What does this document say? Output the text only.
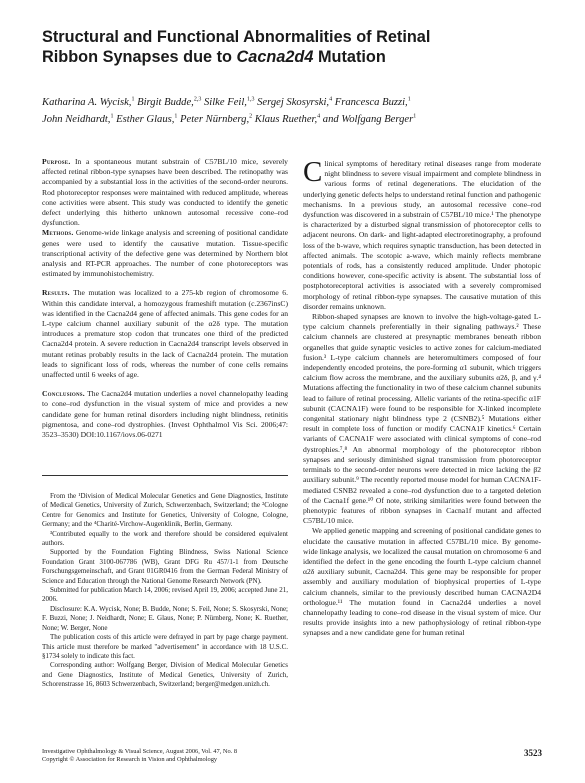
Structural and Functional Abnormalities of Retinal
Ribbon Synapses due to Cacna2d4 Mutation
Katharina A. Wycisk,$^1$ Birgit Budde,$^{2,3}$ Silke Feil,$^{1,3}$ Sergej Skosyrski,$^4$ Francesca Buzzi,$^1$
John Neidhardt,$^1$ Esther Glaus,$^1$ Peter Nürnberg,$^2$ Klaus Ruether,$^4$ and Wolfgang Berger$^1$

Purpose. In a spontaneous mutant substrain of C57BL/10 mice, severely affected retinal ribbon-type synapses have been described. The retinopathy was accompanied by a substantial loss in the activities of the second-order neurons. Rod photoreceptor responses were maintained with reduced amplitude, whereas cone activities were absent. This study was conducted to identify the genetic defect underlying this hitherto unknown autosomal recessive cone–rod dysfunction.

Methods. Genome-wide linkage analysis and screening of positional candidate genes were used to identify the causative mutation. Tissue-specific transcriptional activity of the defective gene was determined by Northern blot analysis and RT-PCR approaches. The number of cone photoreceptors was estimated by immunohistochemistry.

Results. The mutation was localized to a 275-kb region of chromosome 6. Within this candidate interval, a homozygous frameshift mutation (c.2367insC) was identified in the Cacna2d4 gene of affected animals. This gene codes for an L-type calcium channel auxiliary subunit of the α2δ type. The mutation introduces a premature stop codon that truncates one third of the predicted Cacna2d4 protein. A severe reduction in Cacna2d4 transcript levels observed in mutant retinas probably results in the lack of Cacna2d4 protein. The mutation leads to significant loss of rods, whereas the number of cone cells remains unaffected until 6 weeks of age.

Conclusions. The Cacna2d4 mutation underlies a novel channelopathy leading to cone–rod dysfunction in the visual system of mice and provides a new candidate gene for human retinal disorders including night blindness, retinitis pigmentosa, and cone–rod dystrophies. (Invest Ophthalmol Vis Sci. 2006;47: 3523–3530) DOI:10.1167/iovs.06-0271

From the ¹Division of Medical Molecular Genetics and Gene Diagnostics, Institute of Medical Genetics, University of Zurich, Schwerzenbach, Switzerland; the ²Cologne Centre for Genomics and Institute for Genetics, University of Cologne, Cologne, Germany; and the ⁴Charité-Virchow-Augenklinik, Berlin, Germany.

³Contributed equally to the work and therefore should be considered equivalent authors.

Supported by the Foundation Fighting Blindness, Swiss National Science Foundation Grant 3100-067786 (WB), Grant DFG Ru 457/1-1 from Deutsche Forschungsgemeinschaft, and Grant 01GR0416 from the German Federal Ministry of Science and Education through the National Genome Research Network (PN).

Submitted for publication March 14, 2006; revised April 19, 2006; accepted June 21, 2006.

Disclosure: K.A. Wycisk, None; B. Budde, None; S. Feil, None; S. Skosyrski, None; F. Buzzi, None; J. Neidhardt, None; E. Glaus, None; P. Nürnberg, None; K. Ruether, None; W. Berger, None

The publication costs of this article were defrayed in part by page charge payment. This article must therefore be marked "advertisement" in accordance with 18 U.S.C. §1734 solely to indicate this fact.

Corresponding author: Wolfgang Berger, Division of Medical Molecular Genetics and Gene Diagnostics, Institute of Medical Genetics, University of Zurich, Schorenstrasse 16, 8603 Schwerzenbach, Switzerland; berger@medgen.unizh.ch.

Clinical symptoms of hereditary retinal diseases range from moderate night blindness to severe visual impairment and complete blindness in various forms of retinal degenerations. The elucidation of the underlying genetic defects helps to understand retinal function and pathogenic mechanisms. In a previous study, an autosomal recessive cone–rod dysfunction was discovered in a substrain of C57BL/10 mice.¹ The phenotype is characterized by a disturbed signal transmission of photoreceptor cells to adjacent neurons. On dark- and light-adapted electroretinography, a profound loss of the b-wave, which requires synaptic transduction, has been detected in affected animals. The scotopic a-wave, which mainly reflects membrane potentials of rods, has a consistently reduced amplitude. Under photopic conditions however, cone-specific activity is absent. The substantial loss of postphotoreceptoral activities is associated with a severely compromised morphology of retinal ribbon-type synapses. The causative mutation of this disorder remains unknown.

Ribbon-shaped synapses are known to involve the high-voltage-gated L-type calcium channels preferentially in their signaling pathways.² These calcium channels are clustered at presynaptic membranes beneath ribbon organelles that guide synaptic vesicles to active zones for calcium-mediated fusion.³ L-type calcium channels are heteromultimers composed of four independently encoded proteins, the pore-forming α1 subunit, which triggers calcium flow across the membrane, and the auxiliary subunits α2δ, β, and γ.⁴ Mutations affecting the functionality in two of these calcium channel subunits lead to failure of retinal processing. Allelic variants of the retina-specific α1F subunit (CACNA1F) were found to be responsible for X-linked incomplete congenital stationary night blindness type 2 (CSNB2).⁵ Mutations either result in complete loss of function or modify CACNA1F kinetics.⁶ Certain variants of CACNA1F were associated with clinical symptoms of cone–rod dystrophies.⁷,⁸ An abnormal morphology of the photoreceptor ribbon synapses and seriously diminished signal transmission from photoreceptor terminals to the second-order neurons were detected in mice lacking the β2 auxiliary subunit.⁹ The recently reported mouse model for human CACNA1F-mediated CSNB2 revealed a cone–rod dysfunction due to a targeted deletion of the Cacna1f gene.¹⁰ Of note, striking similarities were found between the phenotypic features of ribbon synapses in Cacna1f mutant and affected C57BL/10 mice.

We applied genetic mapping and screening of positional candidate genes to elucidate the causative mutation in affected C57BL/10 mice. By genome-wide linkage analysis, we localized the causal mutation on chromosome 6 and identified the defect in the gene encoding the fourth L-type calcium channel α2δ auxiliary subunit, Cacna2d4. This gene may be responsible for proper assembly and auxiliary modulation of biophysical properties of L-type calcium channels, similar to the previously described human CACNA2D4 orthologue.¹¹ The mutation found in Cacna2d4 underlies a novel channelopathy leading to cone–rod disease in the visual system of mice. Our results provide insights into a new pathophysiology of retinal ribbon-type synapses and a new candidate gene for human retinal

Investigative Ophthalmology & Visual Science, August 2006, Vol. 47, No. 8
Copyright © Association for Research in Vision and Ophthalmology
3523
